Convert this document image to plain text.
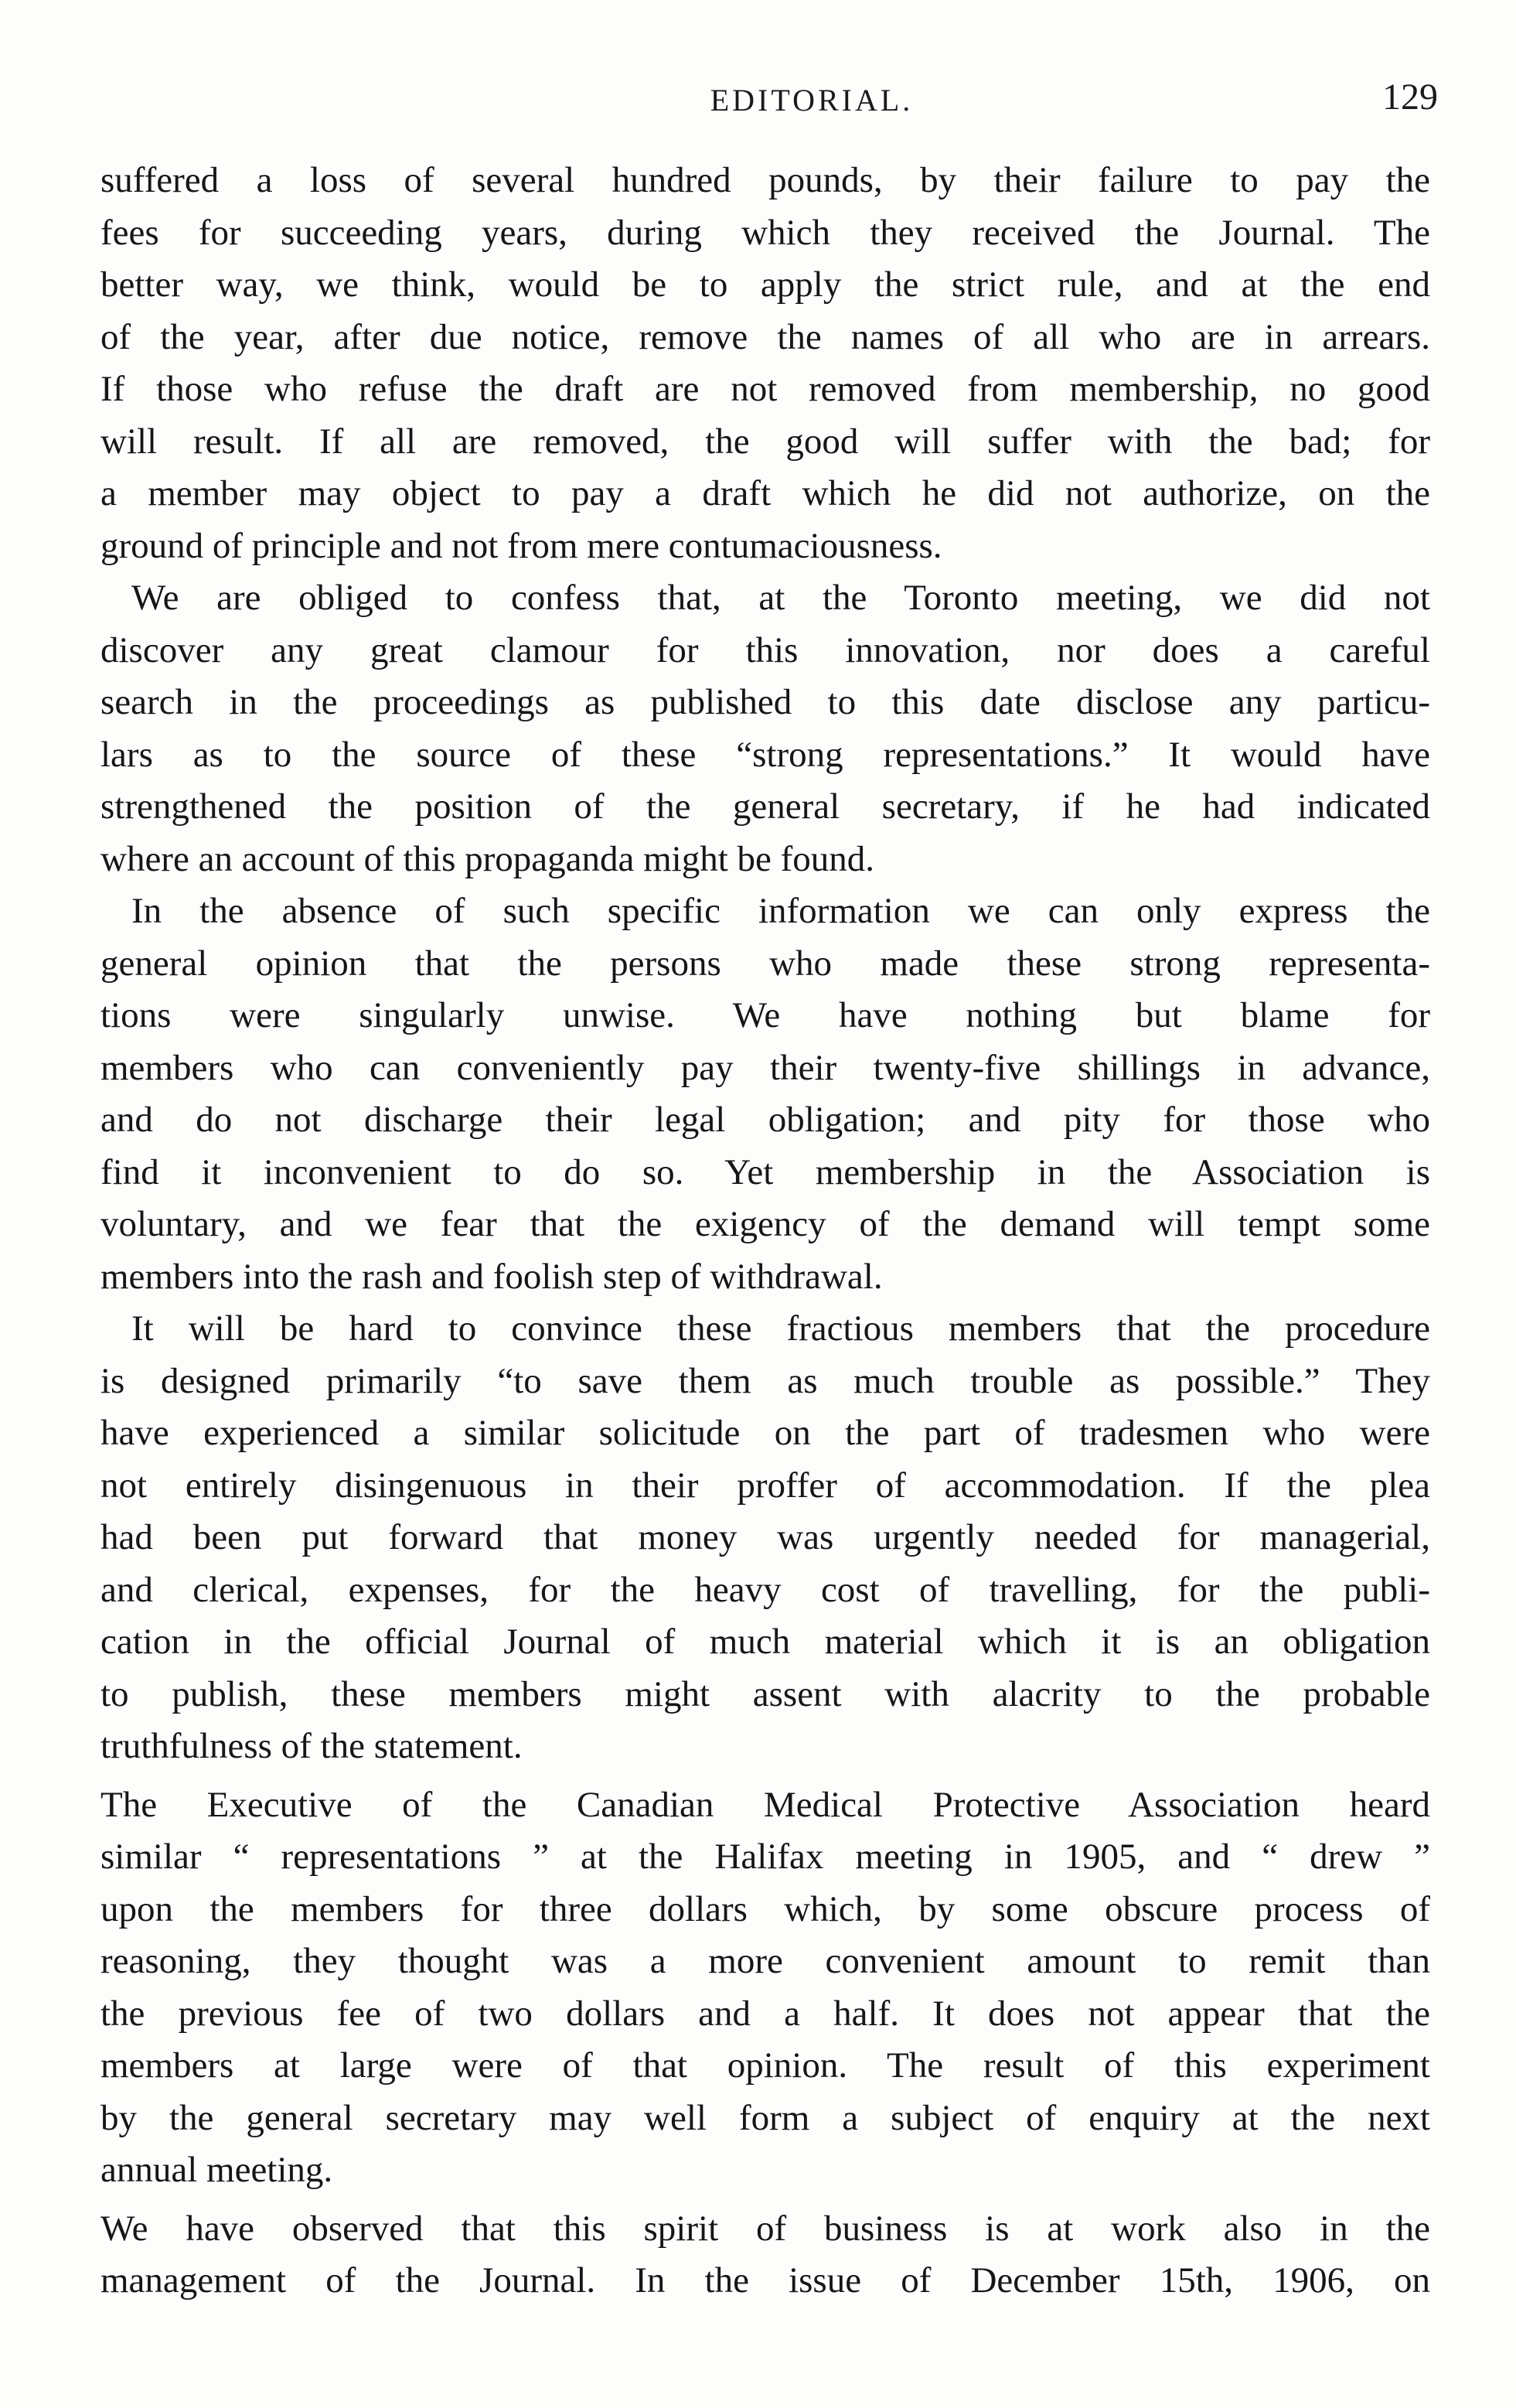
EDITORIAL.	129
suffered a loss of several hundred pounds, by their failure to pay the
fees for succeeding years, during which they received the Journal. The
better way, we think, would be to apply the strict rule, and at the end
of the year, after due notice, remove the names of all who are in arrears.
If those who refuse the draft are not removed from membership, no good
will result. If all are removed, the good will suffer with the bad; for
a member may object to pay a draft which he did not authorize, on the
ground of principle and not from mere contumaciousness.
We are obliged to confess that, at the Toronto meeting, we did not
discover any great clamour for this innovation, nor does a careful
search in the proceedings as published to this date disclose any particu-
lars as to the source of these “strong representations.” It would have
strengthened the position of the general secretary, if he had indicated
where an account of this propaganda might be found.
In the absence of such specific information we can only express the
general opinion that the persons who made these strong representa-
tions were singularly unwise. We have nothing but blame for
members who can conveniently pay their twenty-five shillings in advance,
and do not discharge their legal obligation; and pity for those who
find it inconvenient to do so. Yet membership in the Association is
voluntary, and we fear that the exigency of the demand will tempt some
members into the rash and foolish step of withdrawal.
It will be hard to convince these fractious members that the procedure
is designed primarily “to save them as much trouble as possible.” They
have experienced a similar solicitude on the part of tradesmen who were
not entirely disingenuous in their proffer of accommodation. If the plea
had been put forward that money was urgently needed for managerial,
and clerical, expenses, for the heavy cost of travelling, for the publi-
cation in the official Journal of much material which it is an obligation
to publish, these members might assent with alacrity to the probable
truthfulness of the statement.
The Executive of the Canadian Medical Protective Association heard
similar “ representations ” at the Halifax meeting in 1905, and “ drew ”
upon the members for three dollars which, by some obscure process of
reasoning, they thought was a more convenient amount to remit than
the previous fee of two dollars and a half. It does not appear that the
members at large were of that opinion. The result of this experiment
by the general secretary may well form a subject of enquiry at the next
annual meeting.
We have observed that this spirit of business is at work also in the
management of the Journal. In the issue of December 15th, 1906, on
